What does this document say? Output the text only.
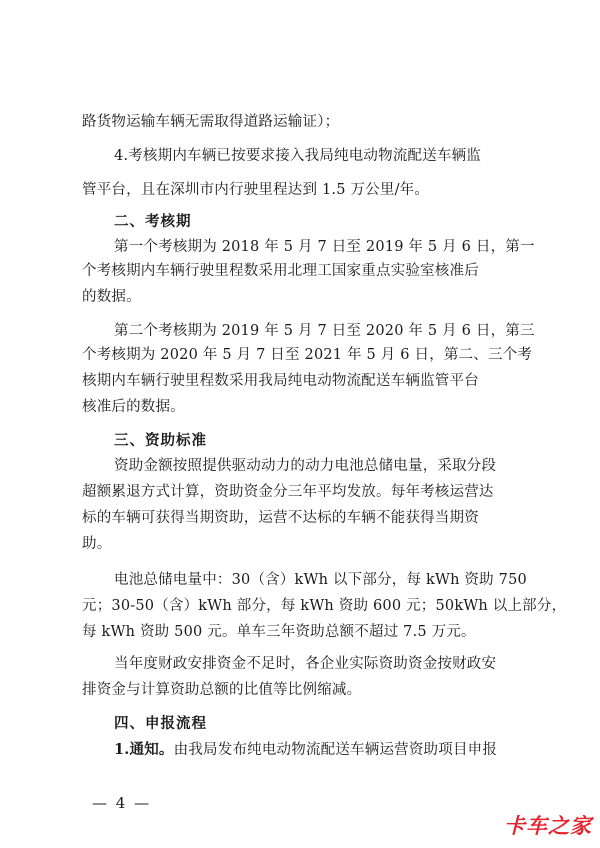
路货物运输车辆无需取得道路运输证）；
4.考核期内车辆已按要求接入我局纯电动物流配送车辆监
管平台，且在深圳市内行驶里程达到 1.5 万公里/年。
二、考核期
第一个考核期为 2018 年 5 月 7 日至 2019 年 5 月 6 日，第一
个考核期内车辆行驶里程数采用北理工国家重点实验室核准后
的数据。
第二个考核期为 2019 年 5 月 7 日至 2020 年 5 月 6 日，第三
个考核期为 2020 年 5 月 7 日至 2021 年 5 月 6 日，第二、三个考
核期内车辆行驶里程数采用我局纯电动物流配送车辆监管平台
核准后的数据。
三、资助标准
资助金额按照提供驱动动力的动力电池总储电量，采取分段
超额累退方式计算，资助资金分三年平均发放。每年考核运营达
标的车辆可获得当期资助，运营不达标的车辆不能获得当期资
助。
电池总储电量中：30（含）kWh 以下部分，每 kWh 资助 750
元；30-50（含）kWh 部分，每 kWh 资助 600 元；50kWh 以上部分，
每 kWh 资助 500 元。单车三年资助总额不超过 7.5 万元。
当年度财政安排资金不足时，各企业实际资助资金按财政安
排资金与计算资助总额的比值等比例缩减。
四、申报流程
1.通知。由我局发布纯电动物流配送车辆运营资助项目申报
— 4 —
卡车之家
